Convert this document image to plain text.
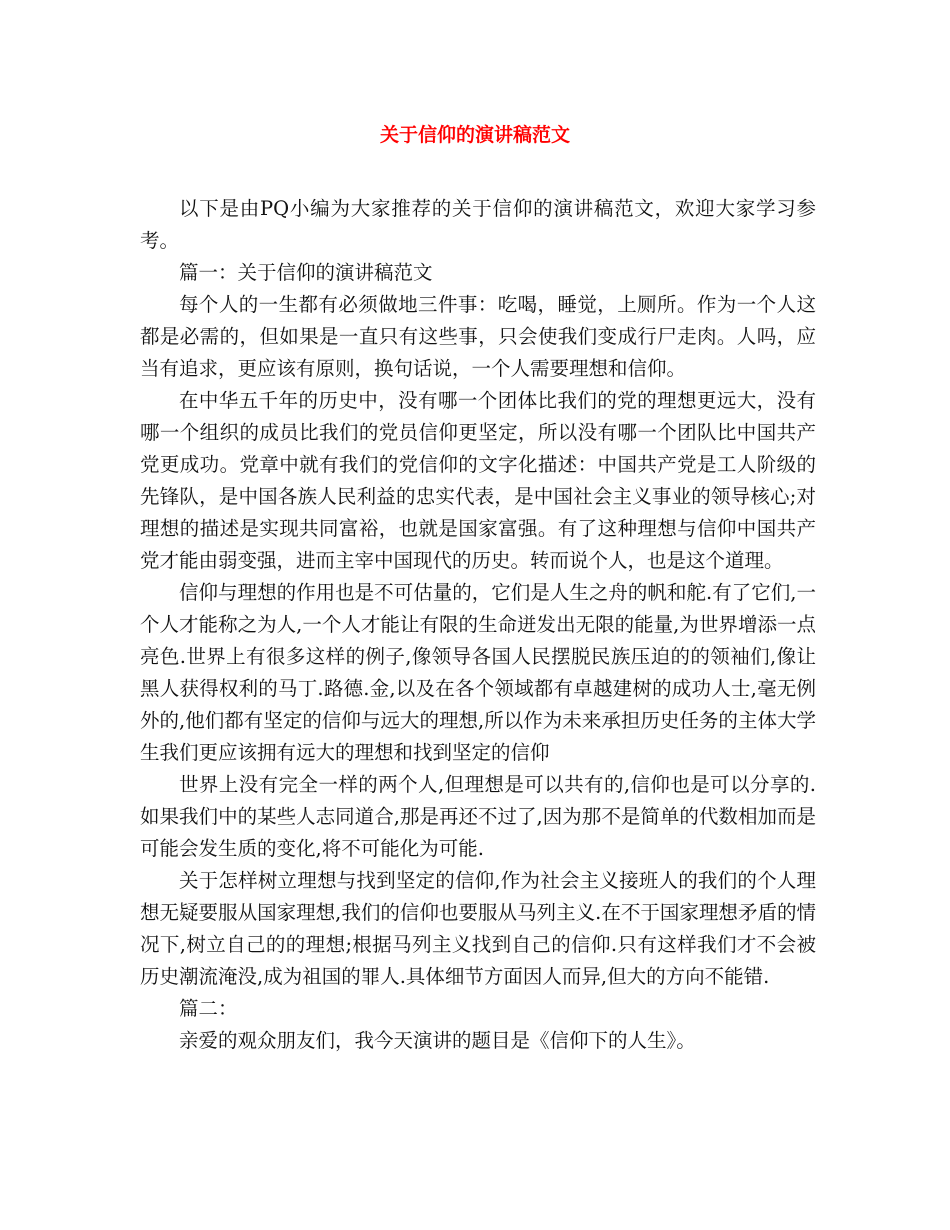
关于信仰的演讲稿范文

以下是由PQ小编为大家推荐的关于信仰的演讲稿范文，欢迎大家学习参考。

篇一：关于信仰的演讲稿范文

每个人的一生都有必须做地三件事：吃喝，睡觉，上厕所。作为一个人这都是必需的，但如果是一直只有这些事，只会使我们变成行尸走肉。人吗，应当有追求，更应该有原则，换句话说，一个人需要理想和信仰。

在中华五千年的历史中，没有哪一个团体比我们的党的理想更远大，没有哪一个组织的成员比我们的党员信仰更坚定，所以没有哪一个团队比中国共产党更成功。党章中就有我们的党信仰的文字化描述：中国共产党是工人阶级的先锋队，是中国各族人民利益的忠实代表，是中国社会主义事业的领导核心;对理想的描述是实现共同富裕，也就是国家富强。有了这种理想与信仰中国共产党才能由弱变强，进而主宰中国现代的历史。转而说个人，也是这个道理。

信仰与理想的作用也是不可估量的，它们是人生之舟的帆和舵.有了它们,一个人才能称之为人,一个人才能让有限的生命迸发出无限的能量,为世界增添一点亮色.世界上有很多这样的例子,像领导各国人民摆脱民族压迫的的领袖们,像让黑人获得权利的马丁.路德.金,以及在各个领域都有卓越建树的成功人士,毫无例外的,他们都有坚定的信仰与远大的理想,所以作为未来承担历史任务的主体大学生我们更应该拥有远大的理想和找到坚定的信仰

世界上没有完全一样的两个人,但理想是可以共有的,信仰也是可以分享的.如果我们中的某些人志同道合,那是再还不过了,因为那不是简单的代数相加而是可能会发生质的变化,将不可能化为可能.

关于怎样树立理想与找到坚定的信仰,作为社会主义接班人的我们的个人理想无疑要服从国家理想,我们的信仰也要服从马列主义.在不于国家理想矛盾的情况下,树立自己的的理想;根据马列主义找到自己的信仰.只有这样我们才不会被历史潮流淹没,成为祖国的罪人.具体细节方面因人而异,但大的方向不能错.

篇二：

亲爱的观众朋友们，我今天演讲的题目是《信仰下的人生》。
